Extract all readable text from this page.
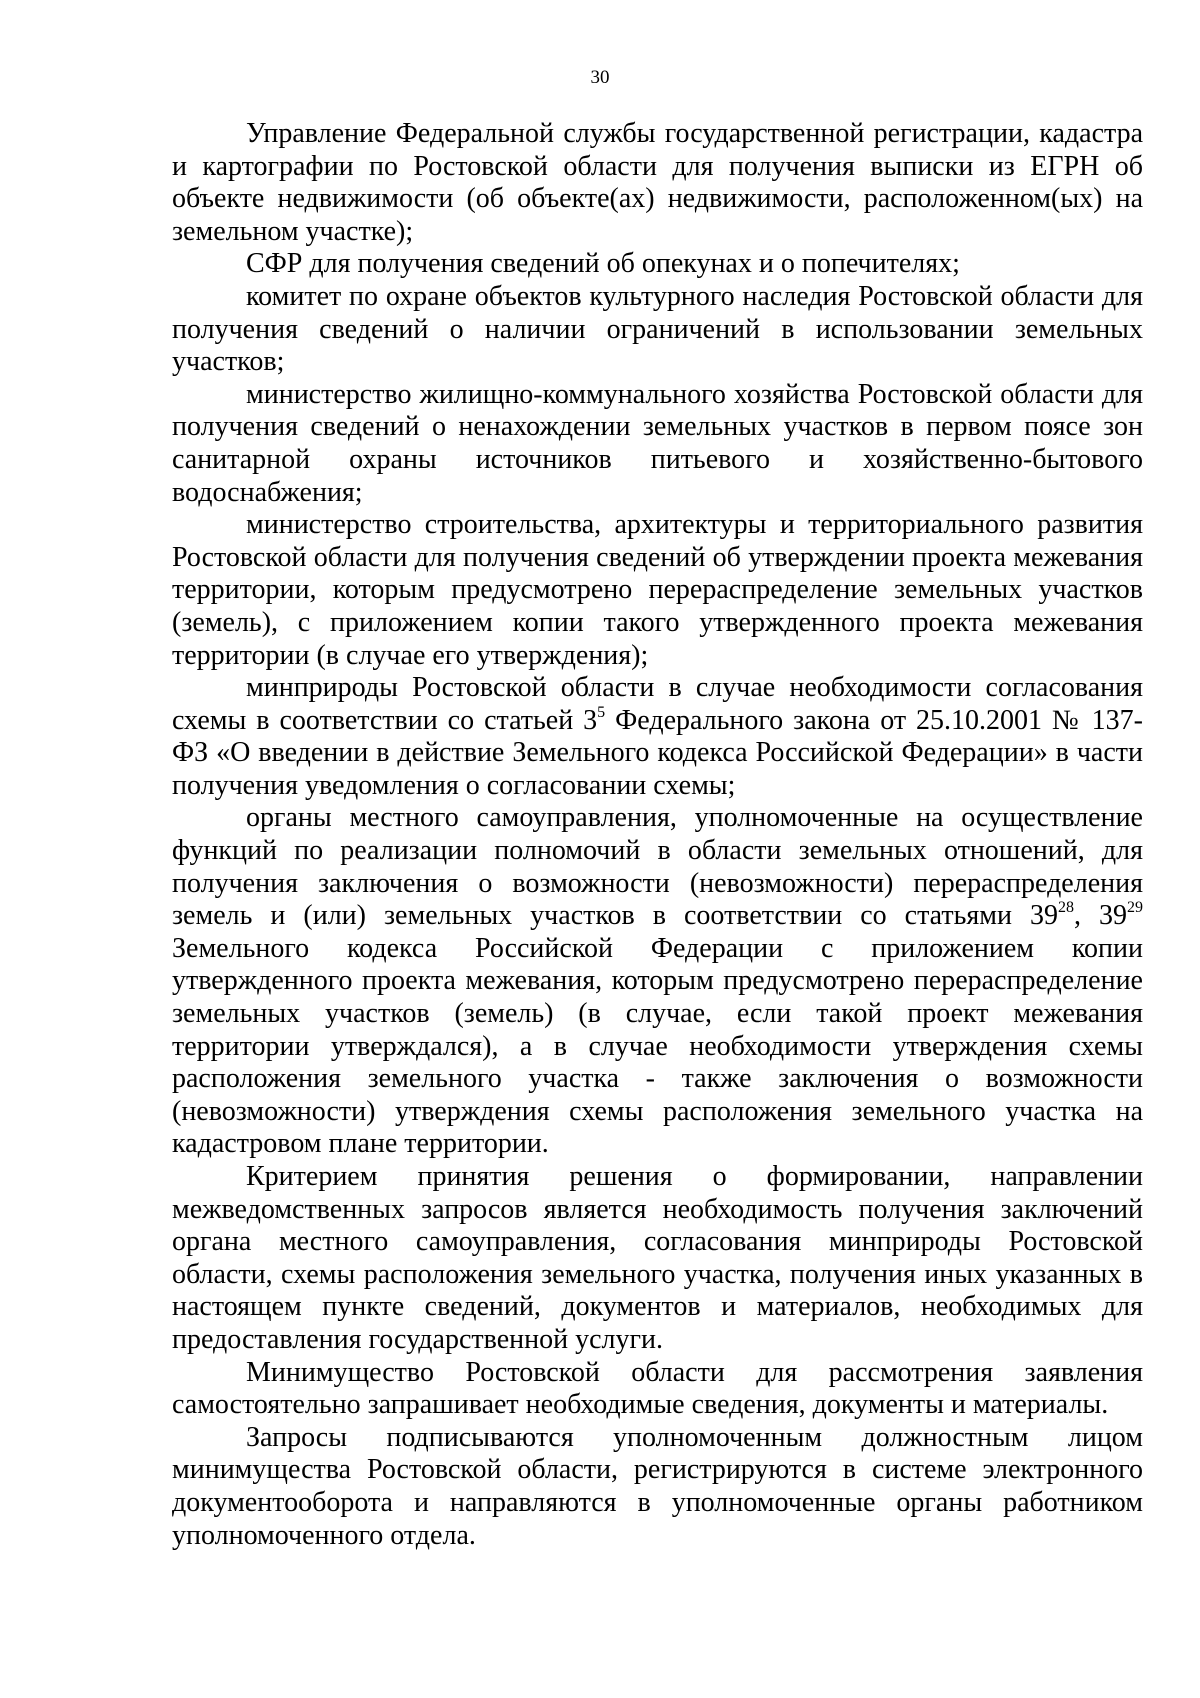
30

Управление Федеральной службы государственной регистрации, кадастра и картографии по Ростовской области для получения выписки из ЕГРН об объекте недвижимости (об объекте(ах) недвижимости, расположенном(ых) на земельном участке);

СФР для получения сведений об опекунах и о попечителях;

комитет по охране объектов культурного наследия Ростовской области для получения сведений о наличии ограничений в использовании земельных участков;

министерство жилищно-коммунального хозяйства Ростовской области для получения сведений о ненахождении земельных участков в первом поясе зон санитарной охраны источников питьевого и хозяйственно-бытового водоснабжения;

министерство строительства, архитектуры и территориального развития Ростовской области для получения сведений об утверждении проекта межевания территории, которым предусмотрено перераспределение земельных участков (земель), с приложением копии такого утвержденного проекта межевания территории (в случае его утверждения);

минприроды Ростовской области в случае необходимости согласования схемы в соответствии со статьей $3^5$ Федерального закона от 25.10.2001 № 137-ФЗ «О введении в действие Земельного кодекса Российской Федерации» в части получения уведомления о согласовании схемы;

органы местного самоуправления, уполномоченные на осуществление функций по реализации полномочий в области земельных отношений, для получения заключения о возможности (невозможности) перераспределения земель и (или) земельных участков в соответствии со статьями $39^{28}$, $39^{29}$ Земельного кодекса Российской Федерации с приложением копии утвержденного проекта межевания, которым предусмотрено перераспределение земельных участков (земель) (в случае, если такой проект межевания территории утверждался), а в случае необходимости утверждения схемы расположения земельного участка - также заключения о возможности (невозможности) утверждения схемы расположения земельного участка на кадастровом плане территории.

Критерием принятия решения о формировании, направлении межведомственных запросов является необходимость получения заключений органа местного самоуправления, согласования минприроды Ростовской области, схемы расположения земельного участка, получения иных указанных в настоящем пункте сведений, документов и материалов, необходимых для предоставления государственной услуги.

Минимущество Ростовской области для рассмотрения заявления самостоятельно запрашивает необходимые сведения, документы и материалы.

Запросы подписываются уполномоченным должностным лицом минимущества Ростовской области, регистрируются в системе электронного документооборота и направляются в уполномоченные органы работником уполномоченного отдела.
